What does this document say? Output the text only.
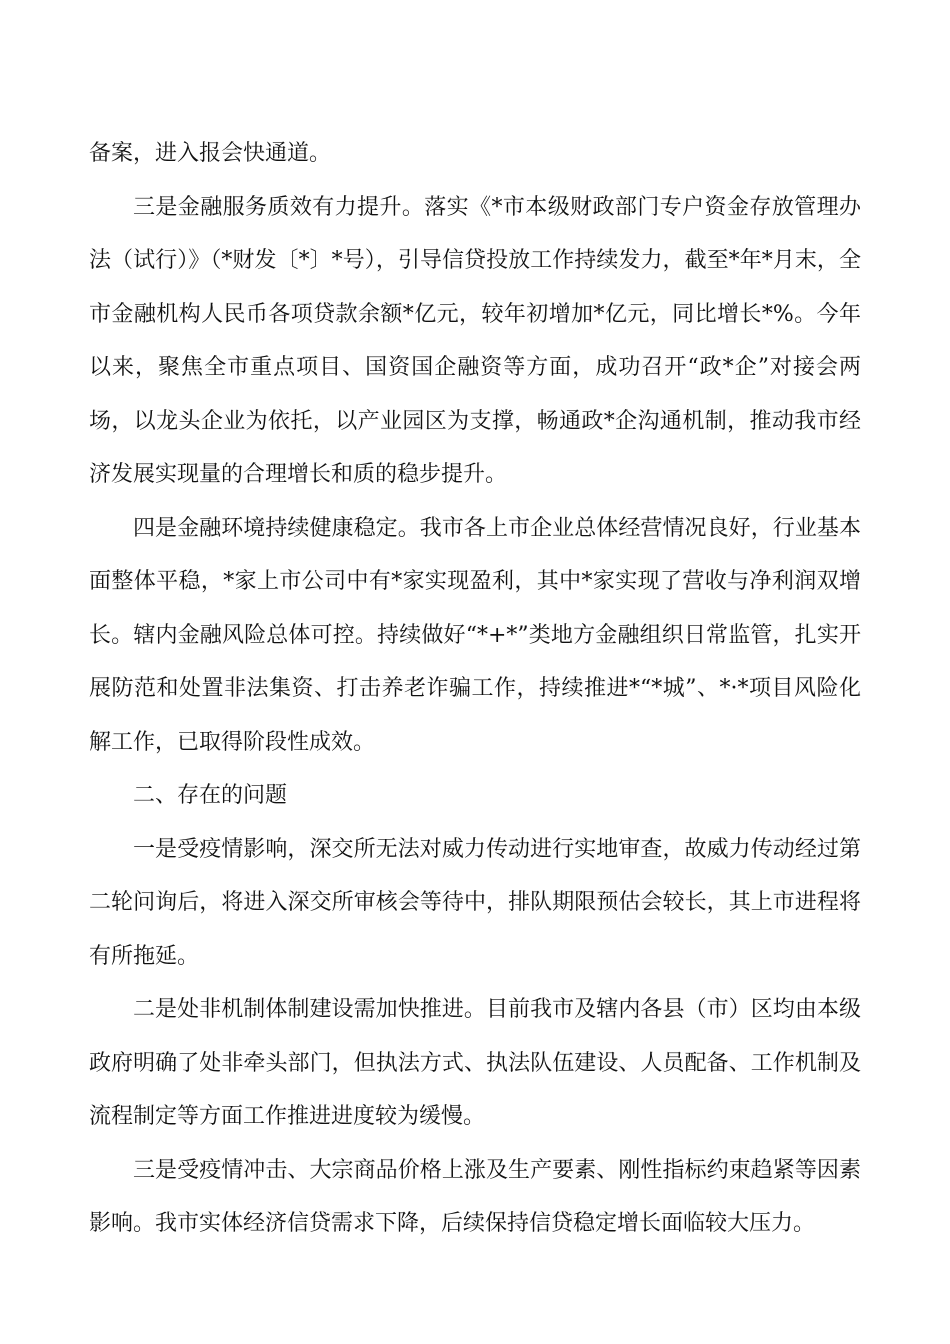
备案，进入报会快通道。

三是金融服务质效有力提升。落实《*市本级财政部门专户资金存放管理办法（试行）》（*财发〔*〕*号），引导信贷投放工作持续发力，截至*年*月末，全市金融机构人民币各项贷款余额*亿元，较年初增加*亿元，同比增长*%。今年以来，聚焦全市重点项目、国资国企融资等方面，成功召开“政*企”对接会两场，以龙头企业为依托，以产业园区为支撑，畅通政*企沟通机制，推动我市经济发展实现量的合理增长和质的稳步提升。

四是金融环境持续健康稳定。我市各上市企业总体经营情况良好，行业基本面整体平稳，*家上市公司中有*家实现盈利，其中*家实现了营收与净利润双增长。辖内金融风险总体可控。持续做好“*+*”类地方金融组织日常监管，扎实开展防范和处置非法集资、打击养老诈骗工作，持续推进*“*城”、*·*项目风险化解工作，已取得阶段性成效。

二、存在的问题

一是受疫情影响，深交所无法对威力传动进行实地审查，故威力传动经过第二轮问询后，将进入深交所审核会等待中，排队期限预估会较长，其上市进程将有所拖延。

二是处非机制体制建设需加快推进。目前我市及辖内各县（市）区均由本级政府明确了处非牵头部门，但执法方式、执法队伍建设、人员配备、工作机制及流程制定等方面工作推进进度较为缓慢。

三是受疫情冲击、大宗商品价格上涨及生产要素、刚性指标约束趋紧等因素影响。我市实体经济信贷需求下降，后续保持信贷稳定增长面临较大压力。
